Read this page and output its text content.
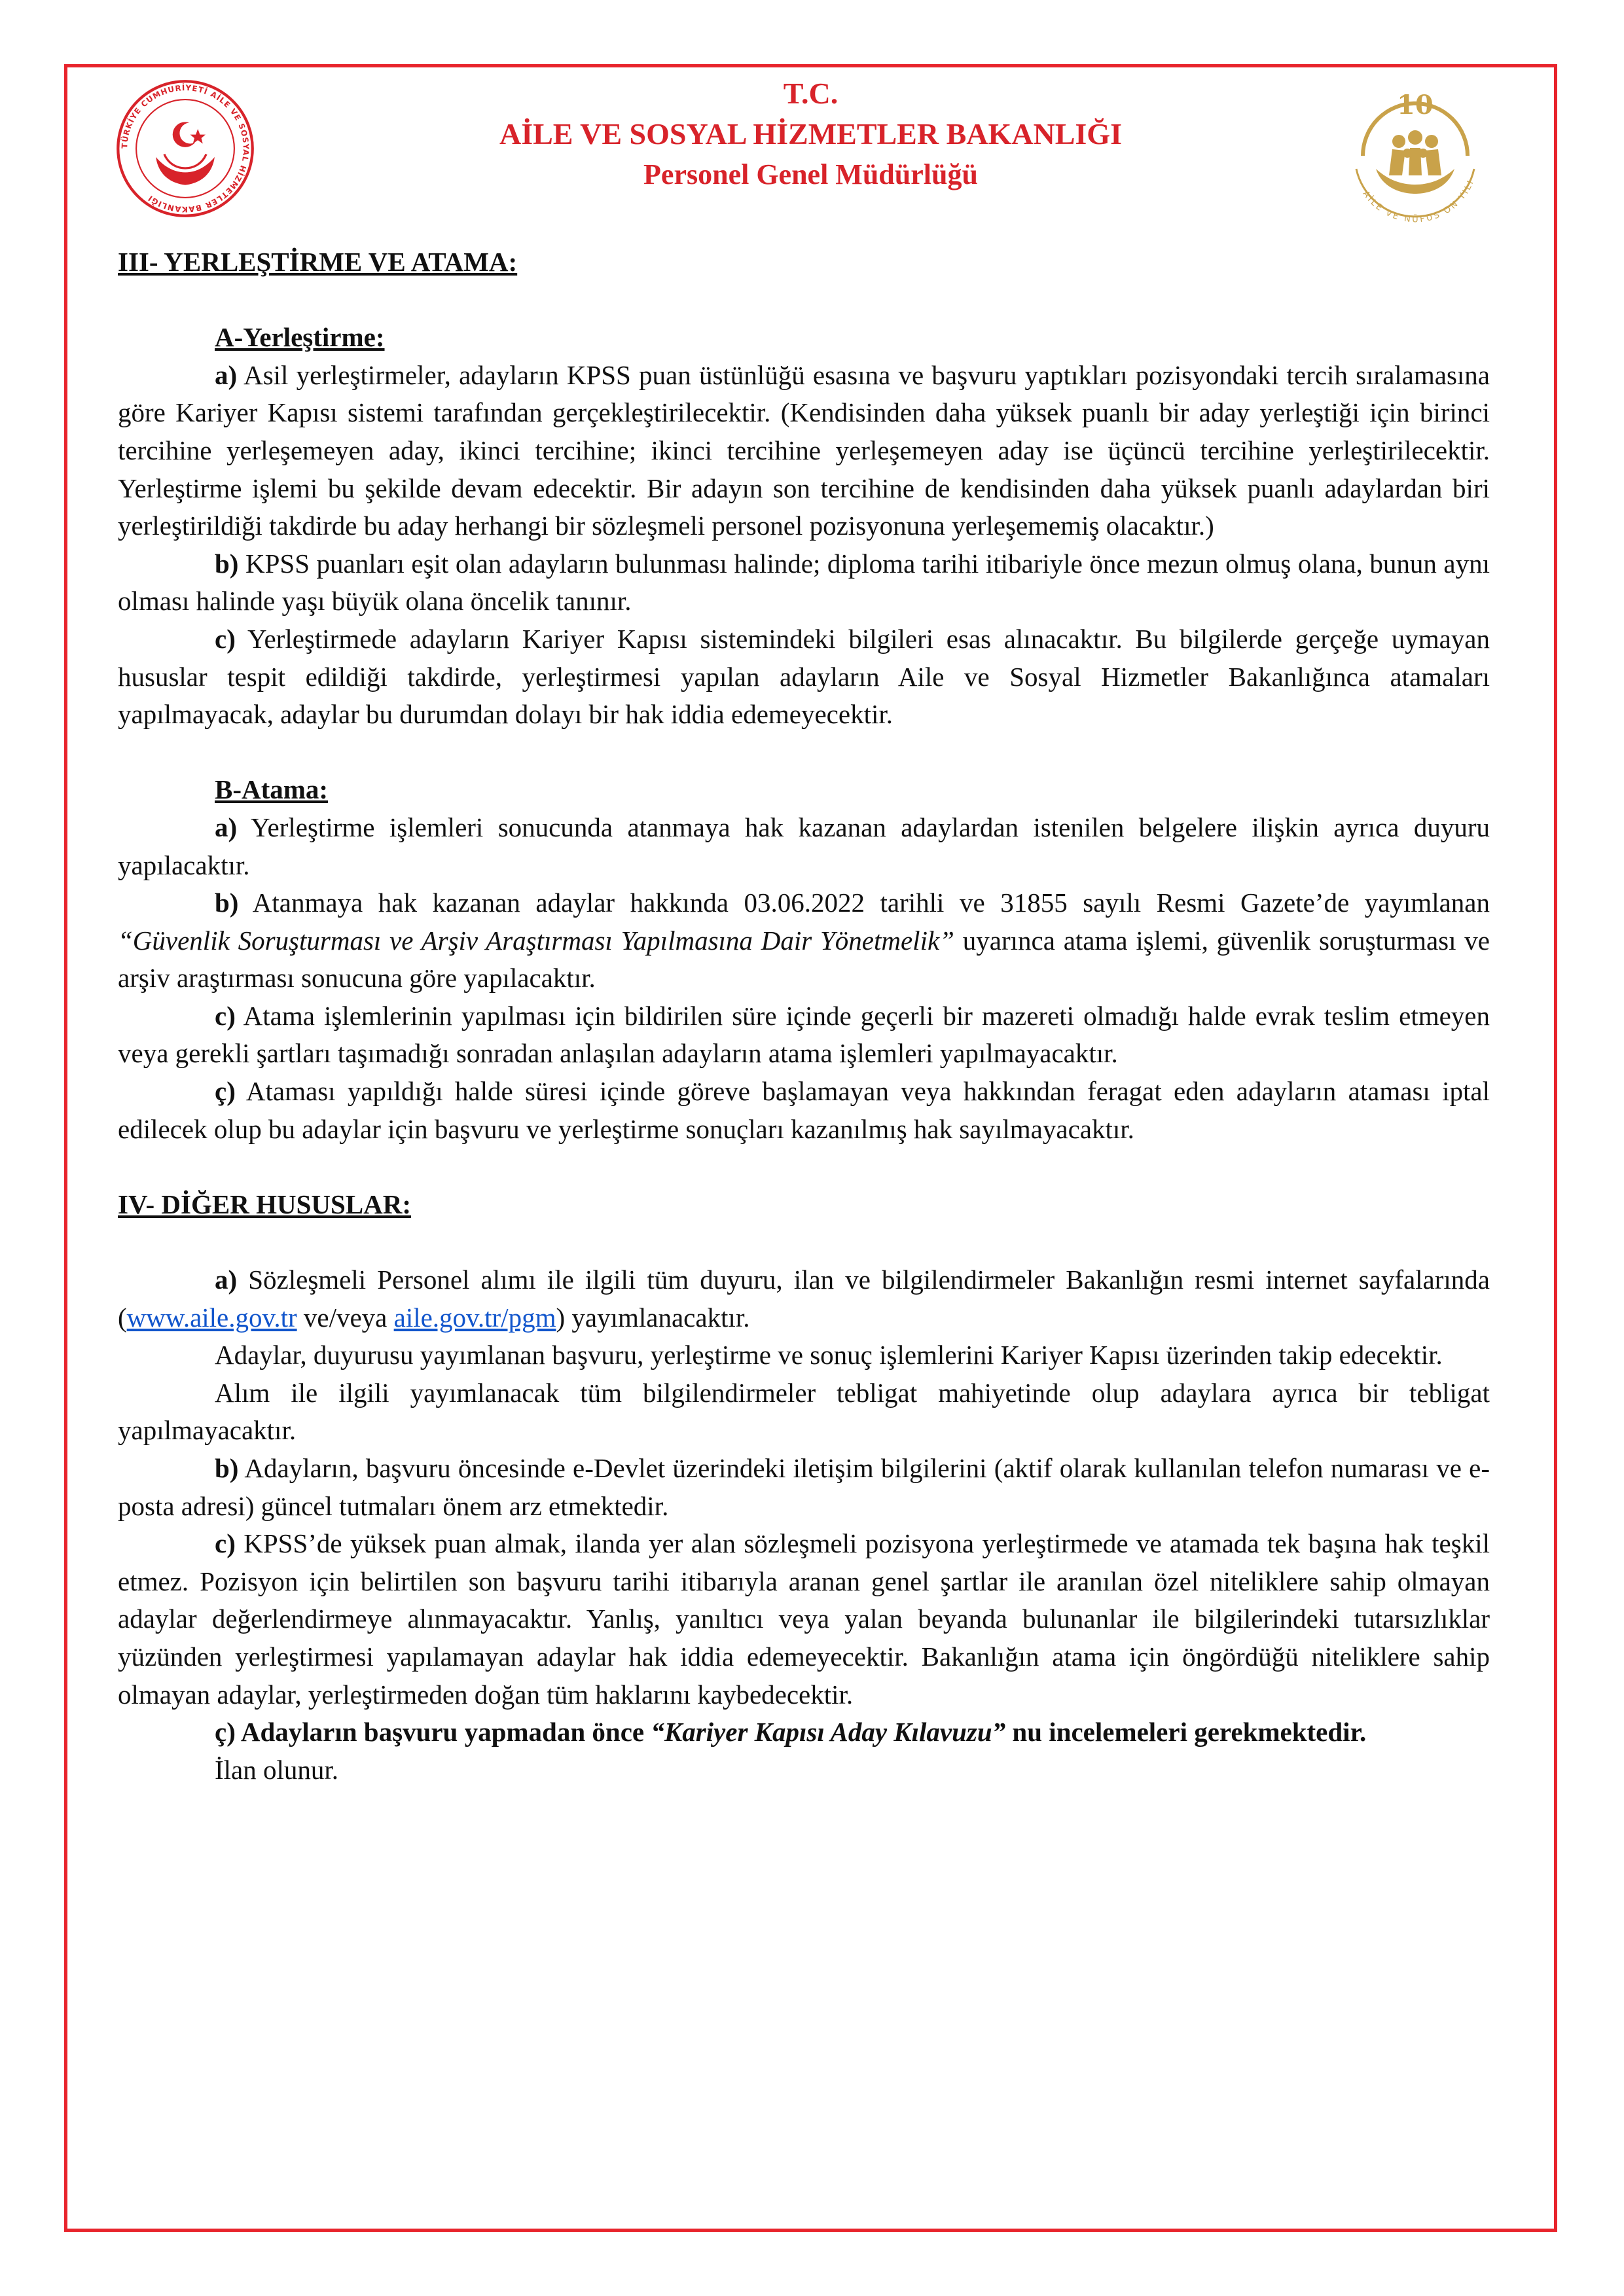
TÜRKİYE CUMHURİYETİ AİLE VE SOSYAL HİZMETLER BAKANLIĞI
10
AİLE VE NÜFUS ON YILI
T.C.
AİLE VE SOSYAL HİZMETLER BAKANLIĞI
Personel Genel Müdürlüğü

III- YERLEŞTİRME VE ATAMA:

A-Yerleştirme:

a) Asil yerleştirmeler, adayların KPSS puan üstünlüğü esasına ve başvuru yaptıkları pozisyondaki tercih sıralamasına göre Kariyer Kapısı sistemi tarafından gerçekleştirilecektir. (Kendisinden daha yüksek puanlı bir aday yerleştiği için birinci tercihine yerleşemeyen aday, ikinci tercihine; ikinci tercihine yerleşemeyen aday ise üçüncü tercihine yerleştirilecektir. Yerleştirme işlemi bu şekilde devam edecektir. Bir adayın son tercihine de kendisinden daha yüksek puanlı adaylardan biri yerleştirildiği takdirde bu aday herhangi bir sözleşmeli personel pozisyonuna yerleşememiş olacaktır.)

b) KPSS puanları eşit olan adayların bulunması halinde; diploma tarihi itibariyle önce mezun olmuş olana, bunun aynı olması halinde yaşı büyük olana öncelik tanınır.

c) Yerleştirmede adayların Kariyer Kapısı sistemindeki bilgileri esas alınacaktır. Bu bilgilerde gerçeğe uymayan hususlar tespit edildiği takdirde, yerleştirmesi yapılan adayların Aile ve Sosyal Hizmetler Bakanlığınca atamaları yapılmayacak, adaylar bu durumdan dolayı bir hak iddia edemeyecektir.

B-Atama:

a) Yerleştirme işlemleri sonucunda atanmaya hak kazanan adaylardan istenilen belgelere ilişkin ayrıca duyuru yapılacaktır.

b) Atanmaya hak kazanan adaylar hakkında 03.06.2022 tarihli ve 31855 sayılı Resmi Gazete’de yayımlanan “Güvenlik Soruşturması ve Arşiv Araştırması Yapılmasına Dair Yönetmelik” uyarınca atama işlemi, güvenlik soruşturması ve arşiv araştırması sonucuna göre yapılacaktır.

c) Atama işlemlerinin yapılması için bildirilen süre içinde geçerli bir mazereti olmadığı halde evrak teslim etmeyen veya gerekli şartları taşımadığı sonradan anlaşılan adayların atama işlemleri yapılmayacaktır.

ç) Ataması yapıldığı halde süresi içinde göreve başlamayan veya hakkından feragat eden adayların ataması iptal edilecek olup bu adaylar için başvuru ve yerleştirme sonuçları kazanılmış hak sayılmayacaktır.

IV- DİĞER HUSUSLAR:

a) Sözleşmeli Personel alımı ile ilgili tüm duyuru, ilan ve bilgilendirmeler Bakanlığın resmi internet sayfalarında (www.aile.gov.tr ve/veya aile.gov.tr/pgm) yayımlanacaktır.

Adaylar, duyurusu yayımlanan başvuru, yerleştirme ve sonuç işlemlerini Kariyer Kapısı üzerinden takip edecektir.

Alım ile ilgili yayımlanacak tüm bilgilendirmeler tebligat mahiyetinde olup adaylara ayrıca bir tebligat yapılmayacaktır.

b) Adayların, başvuru öncesinde e-Devlet üzerindeki iletişim bilgilerini (aktif olarak kullanılan telefon numarası ve e-posta adresi) güncel tutmaları önem arz etmektedir.

c) KPSS’de yüksek puan almak, ilanda yer alan sözleşmeli pozisyona yerleştirmede ve atamada tek başına hak teşkil etmez. Pozisyon için belirtilen son başvuru tarihi itibarıyla aranan genel şartlar ile aranılan özel niteliklere sahip olmayan adaylar değerlendirmeye alınmayacaktır. Yanlış, yanıltıcı veya yalan beyanda bulunanlar ile bilgilerindeki tutarsızlıklar yüzünden yerleştirmesi yapılamayan adaylar hak iddia edemeyecektir. Bakanlığın atama için öngördüğü niteliklere sahip olmayan adaylar, yerleştirmeden doğan tüm haklarını kaybedecektir.

ç) Adayların başvuru yapmadan önce “Kariyer Kapısı Aday Kılavuzu” nu incelemeleri gerekmektedir.

İlan olunur.
